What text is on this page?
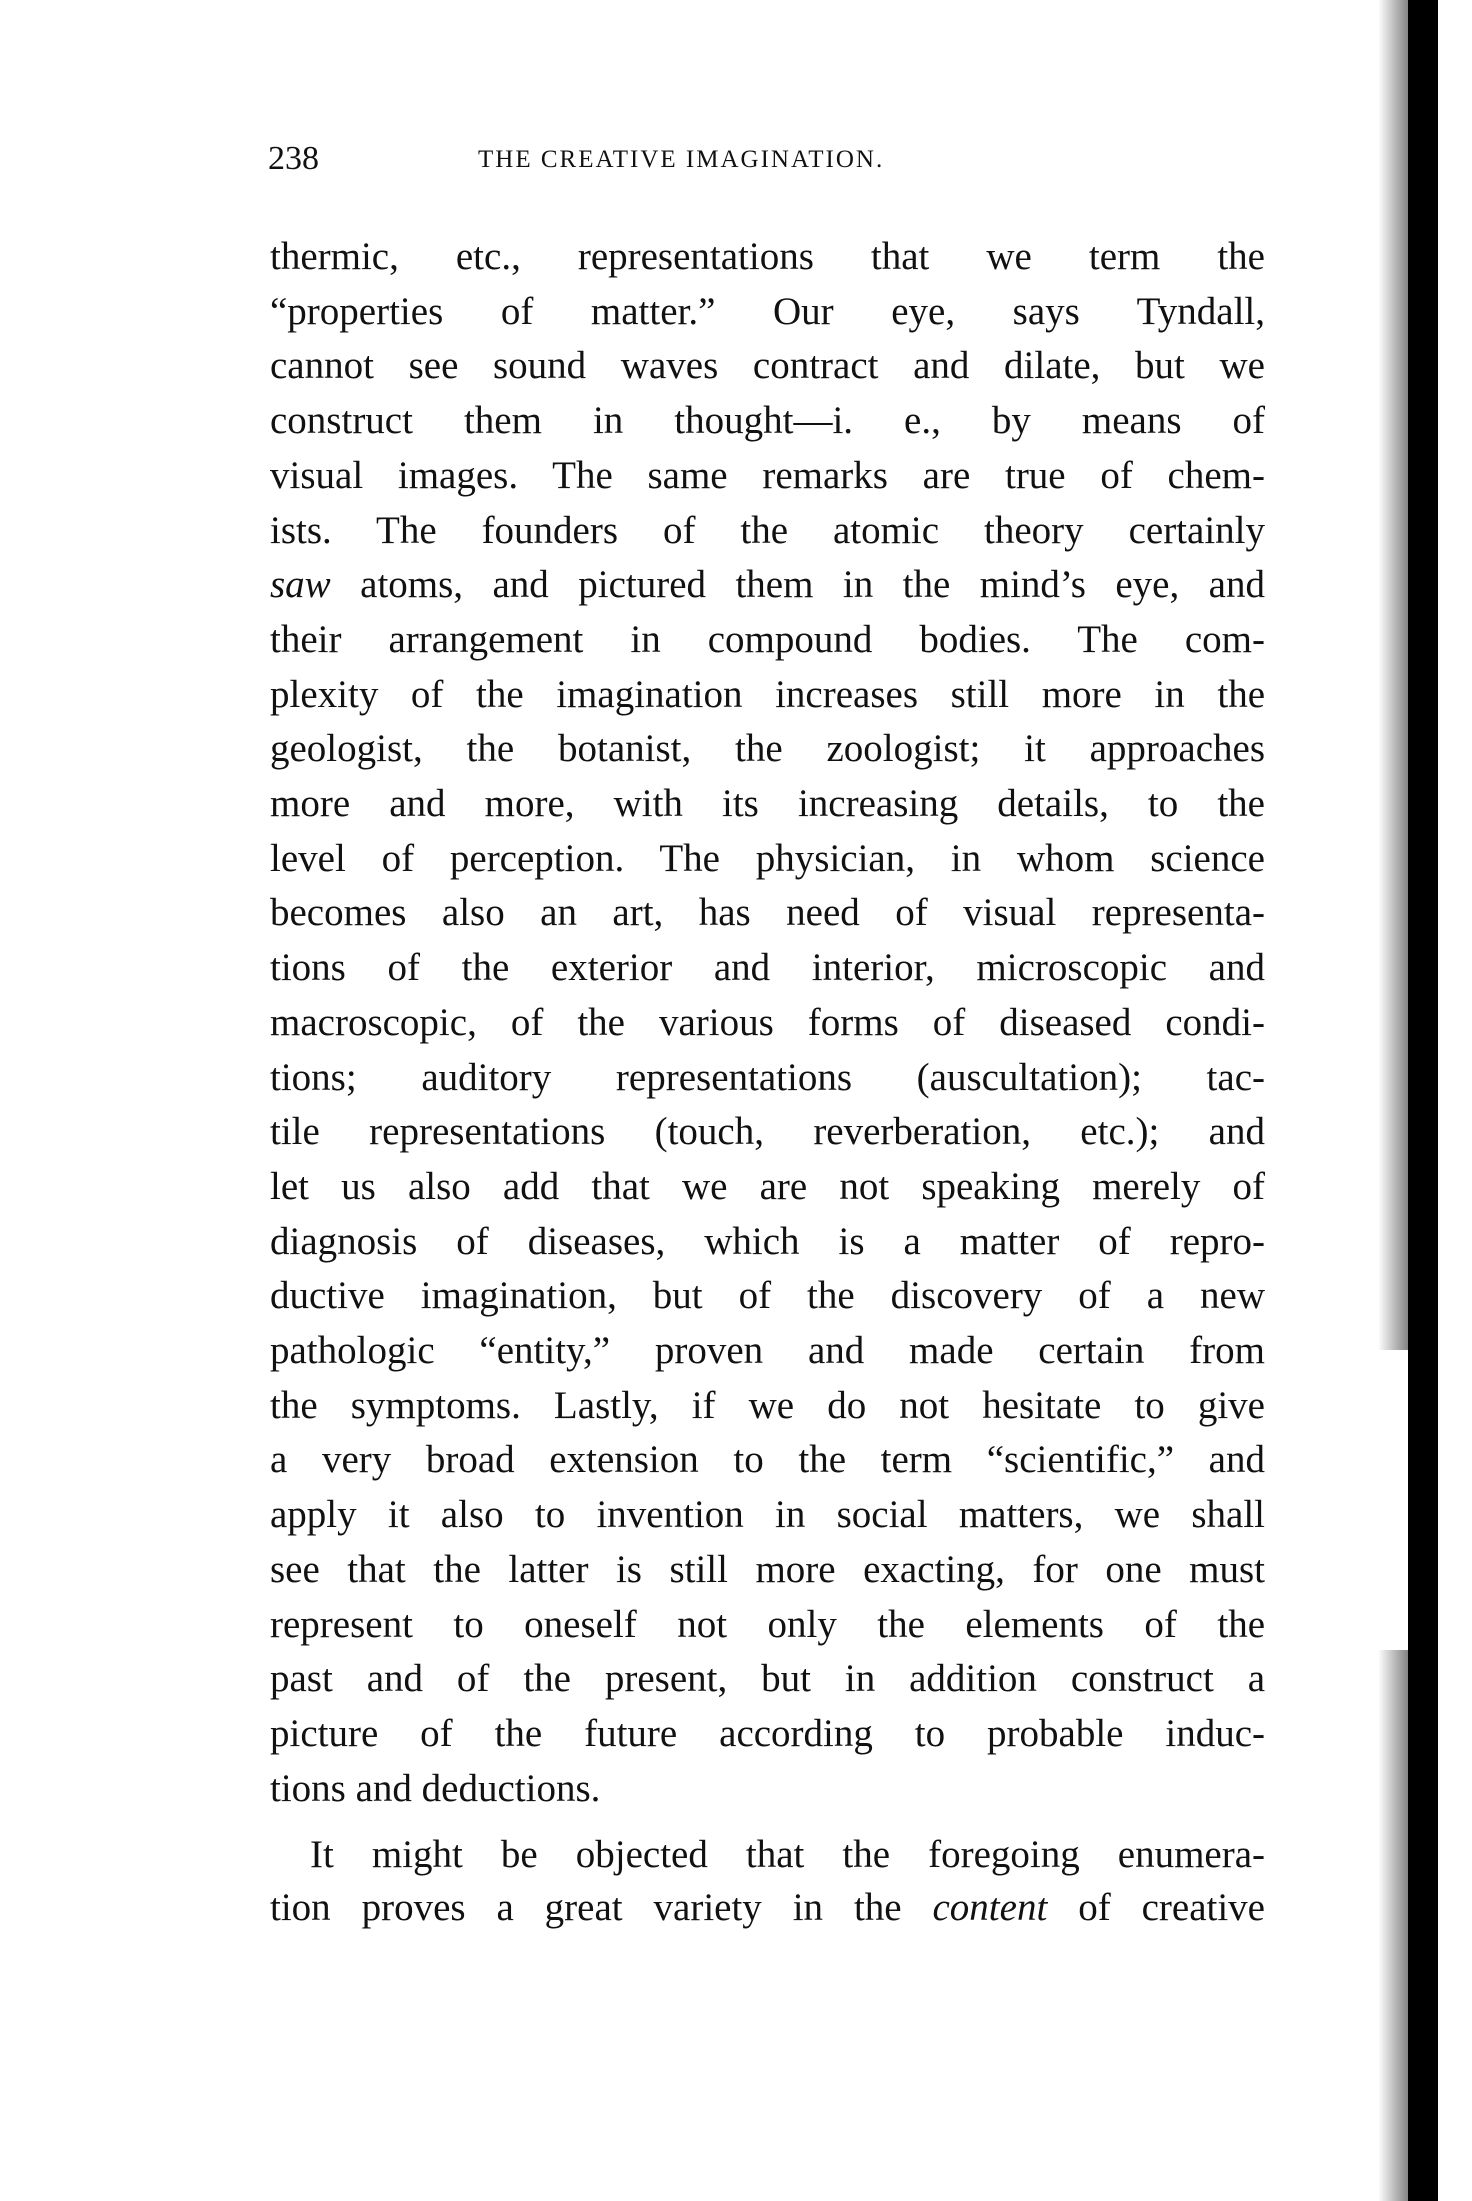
238	THE CREATIVE IMAGINATION.
thermic, etc., representations that we term the
“properties of matter.” Our eye, says Tyndall,
cannot see sound waves contract and dilate, but we
construct them in thought—i. e., by means of
visual images. The same remarks are true of chem-
ists. The founders of the atomic theory certainly
saw atoms, and pictured them in the mind’s eye, and
their arrangement in compound bodies. The com-
plexity of the imagination increases still more in the
geologist, the botanist, the zoologist; it approaches
more and more, with its increasing details, to the
level of perception. The physician, in whom science
becomes also an art, has need of visual representa-
tions of the exterior and interior, microscopic and
macroscopic, of the various forms of diseased condi-
tions; auditory representations (auscultation); tac-
tile representations (touch, reverberation, etc.); and
let us also add that we are not speaking merely of
diagnosis of diseases, which is a matter of repro-
ductive imagination, but of the discovery of a new
pathologic “entity,” proven and made certain from
the symptoms. Lastly, if we do not hesitate to give
a very broad extension to the term “scientific,” and
apply it also to invention in social matters, we shall
see that the latter is still more exacting, for one must
represent to oneself not only the elements of the
past and of the present, but in addition construct a
picture of the future according to probable induc-
tions and deductions.
It might be objected that the foregoing enumera-
tion proves a great variety in the content of creative
